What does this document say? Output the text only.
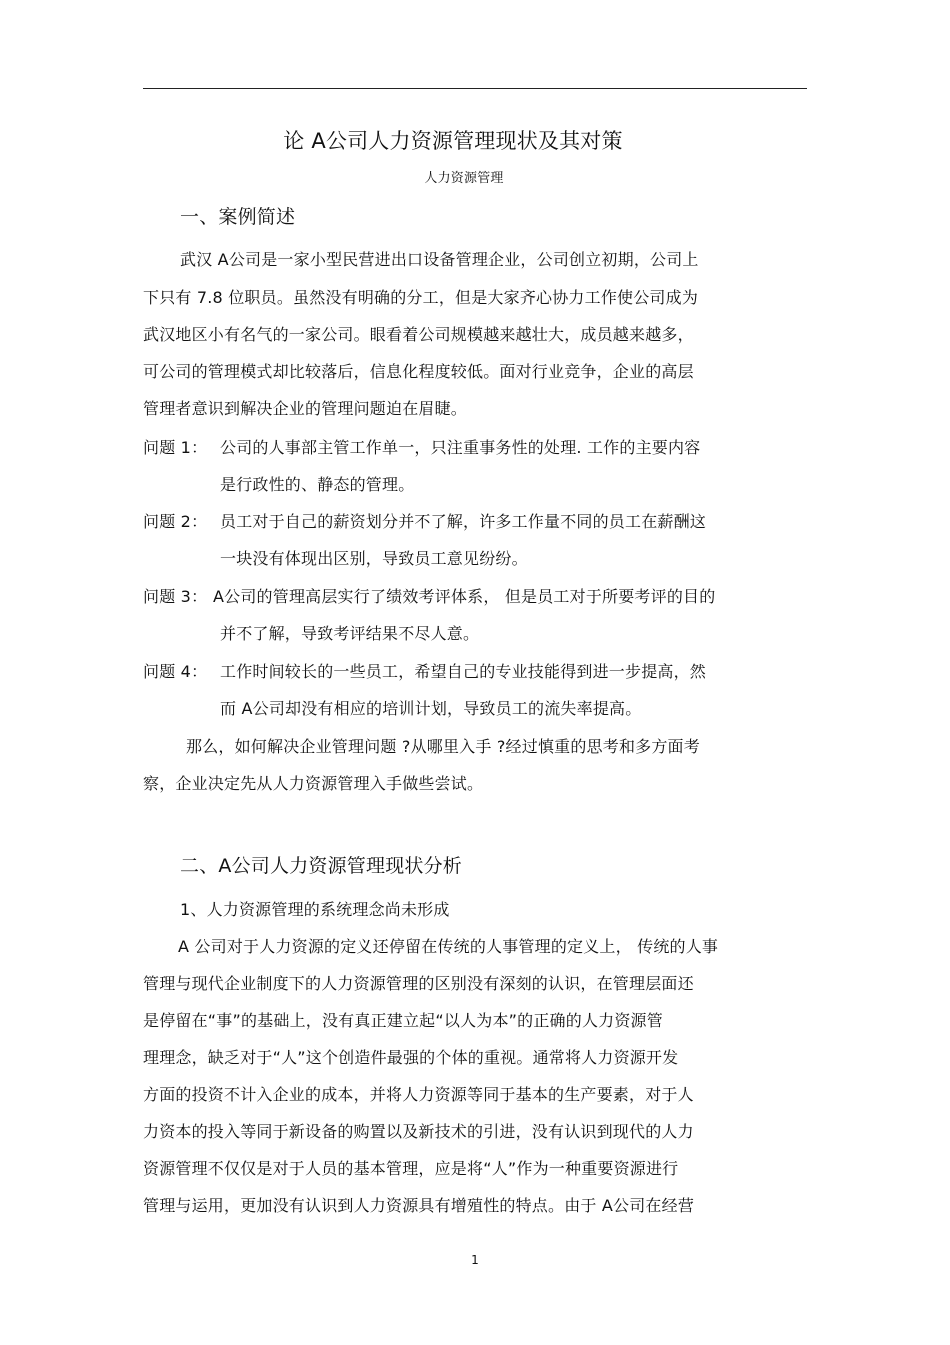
论 A公司人力资源管理现状及其对策
人力资源管理
一、案例简述
武汉 A公司是一家小型民营进出口设备管理企业，公司创立初期，公司上
下只有 7.8 位职员。虽然没有明确的分工，但是大家齐心协力工作使公司成为
武汉地区小有名气的一家公司。眼看着公司规模越来越壮大，成员越来越多，
可公司的管理模式却比较落后，信息化程度较低。面对行业竞争，企业的高层
管理者意识到解决企业的管理问题迫在眉睫。
问题 1： 公司的人事部主管工作单一，只注重事务性的处理. 工作的主要内容
是行政性的、静态的管理。
问题 2： 员工对于自己的薪资划分并不了解，许多工作量不同的员工在薪酬这
一块没有体现出区别，导致员工意见纷纷。
问题 3： A公司的管理高层实行了绩效考评体系， 但是员工对于所要考评的目的
并不了解，导致考评结果不尽人意。
问题 4： 工作时间较长的一些员工，希望自己的专业技能得到进一步提高，然
而 A公司却没有相应的培训计划，导致员工的流失率提高。
那么，如何解决企业管理问题 ?从哪里入手 ?经过慎重的思考和多方面考
察，企业决定先从人力资源管理入手做些尝试。
二、A公司人力资源管理现状分析
1、人力资源管理的系统理念尚未形成
A 公司对于人力资源的定义还停留在传统的人事管理的定义上， 传统的人事
管理与现代企业制度下的人力资源管理的区别没有深刻的认识，在管理层面还
是停留在“事”的基础上，没有真正建立起“以人为本”的正确的人力资源管
理理念，缺乏对于“人”这个创造件最强的个体的重视。通常将人力资源开发
方面的投资不计入企业的成本，并将人力资源等同于基本的生产要素，对于人
力资本的投入等同于新设备的购置以及新技术的引进，没有认识到现代的人力
资源管理不仅仅是对于人员的基本管理，应是将“人”作为一种重要资源进行
管理与运用，更加没有认识到人力资源具有增殖性的特点。由于 A公司在经营
1
